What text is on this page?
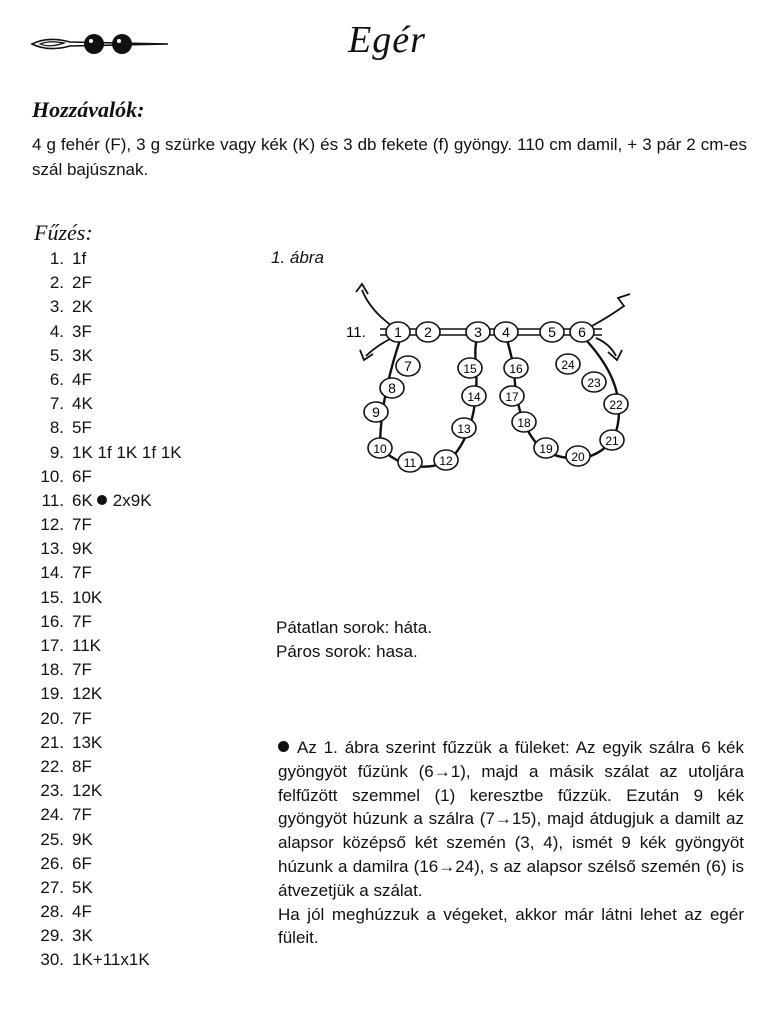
Egér
Hozzávalók:
4 g fehér (F), 3 g szürke vagy kék (K) és 3 db fekete (f) gyöngy. 110 cm damil, + 3 pár 2 cm-es szál bajúsznak.
Fűzés:
1. 1f
2. 2F
3. 2K
4. 3F
5. 3K
6. 4F
7. 4K
8. 5F
9. 1K 1f 1K 1f 1K
10. 6F
11. 6K 2x9K
12. 7F
13. 9K
14. 7F
15. 10K
16. 7F
17. 11K
18. 7F
19. 12K
20. 7F
21. 13K
22. 8F
23. 12K
24. 7F
25. 9K
26. 6F
27. 5K
28. 4F
29. 3K
30. 1K+11x1K
1. ábra
1 2	3 4	5 6
7
8
9
10
11 12
13
14
15	16
17
18
19
20
21
22
23
24
11.
Pátatlan sorok: háta.
Páros sorok: hasa.

Az 1. ábra szerint fűzzük a füleket: Az egyik szálra 6 kék gyöngyöt fűzünk (6→1), majd a másik szálat az utoljára felfűzött szemmel (1) keresztbe fűzzük. Ezután 9 kék gyöngyöt húzunk a szálra (7→15), majd átdugjuk a damilt az alapsor középső két szemén (3, 4), ismét 9 kék gyöngyöt húzunk a damilra (16→24), s az alapsor szélső szemén (6) is átvezetjük a szálat.

Ha jól meghúzzuk a végeket, akkor már látni lehet az egér füleit.
